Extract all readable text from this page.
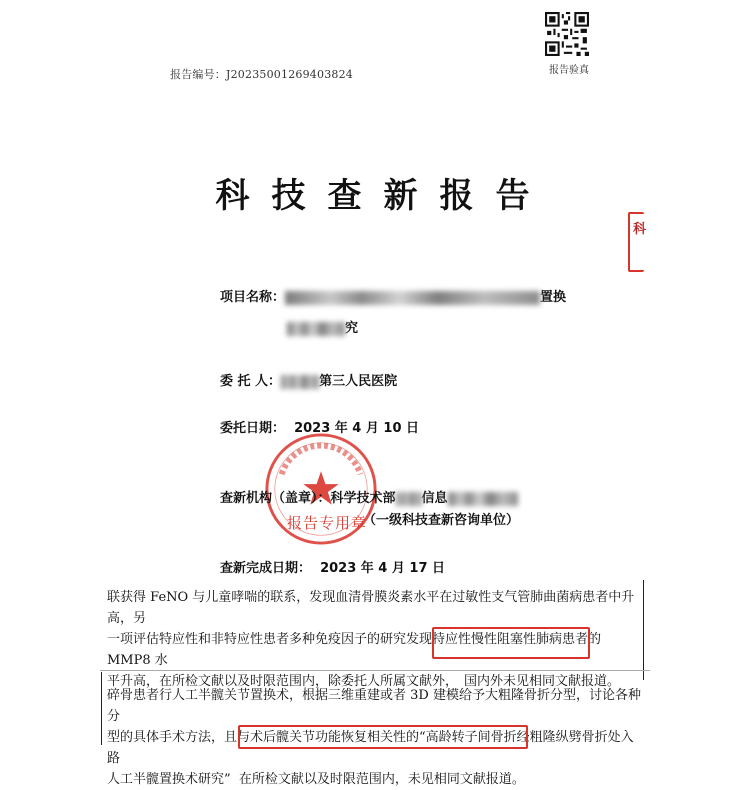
报告编号：J20235001269403824	报告验真
科技查新报告
科
项目名称：	置换
究
委 托 人：	第三人民医院
委托日期： 2023 年 4 月 10 日
查新机构（盖章）：科学技术部 信息
（一级科技查新咨询单位）
报告专用章
查新完成日期： 2023 年 4 月 17 日
联获得 FeNO 与儿童哮喘的联系，发现血清骨膜炎素水平在过敏性支气管肺曲菌病患者中升高，另
一项评估特应性和非特应性患者多种免疫因子的研究发现特应性慢性阻塞性肺病患者的 MMP8 水
平升高，在所检文献以及时限范围内，除委托人所属文献外， 国内外未见相同文献报道。
碎骨患者行人工半髋关节置换术，根据三维重建或者 3D 建模给予大粗隆骨折分型，讨论各种分
型的具体手术方法，且与术后髋关节功能恢复相关性的“高龄转子间骨折经粗隆纵劈骨折处入路
人工半髋置换术研究” 在所检文献以及时限范围内，未见相同文献报道。
